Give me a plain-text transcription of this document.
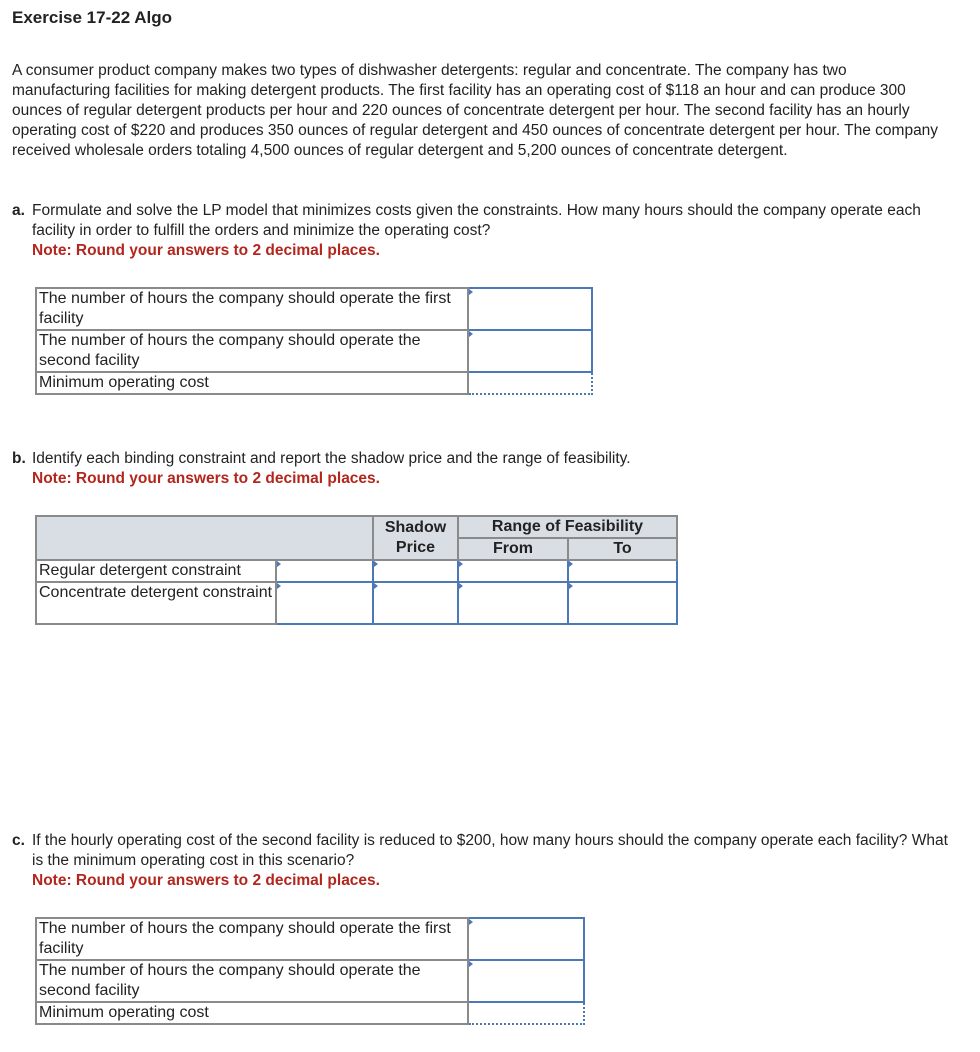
Exercise 17-22 Algo
A consumer product company makes two types of dishwasher detergents: regular and concentrate. The company has two manufacturing facilities for making detergent products. The first facility has an operating cost of $118 an hour and can produce 300 ounces of regular detergent products per hour and 220 ounces of concentrate detergent per hour. The second facility has an hourly operating cost of $220 and produces 350 ounces of regular detergent and 450 ounces of concentrate detergent per hour. The company received wholesale orders totaling 4,500 ounces of regular detergent and 5,200 ounces of concentrate detergent.
a. Formulate and solve the LP model that minimizes costs given the constraints. How many hours should the company operate each facility in order to fulfill the orders and minimize the operating cost?
Note: Round your answers to 2 decimal places.
The number of hours the company should operate the first facility	
The number of hours the company should operate the second facility	
Minimum operating cost	
b. Identify each binding constraint and report the shadow price and the range of feasibility.
Note: Round your answers to 2 decimal places.
		Shadow Price	Range of Feasibility	
			From	To
Regular detergent constraint				
Concentrate detergent constraint				
c. If the hourly operating cost of the second facility is reduced to $200, how many hours should the company operate each facility? What is the minimum operating cost in this scenario?
Note: Round your answers to 2 decimal places.
The number of hours the company should operate the first facility	
The number of hours the company should operate the second facility	
Minimum operating cost	
